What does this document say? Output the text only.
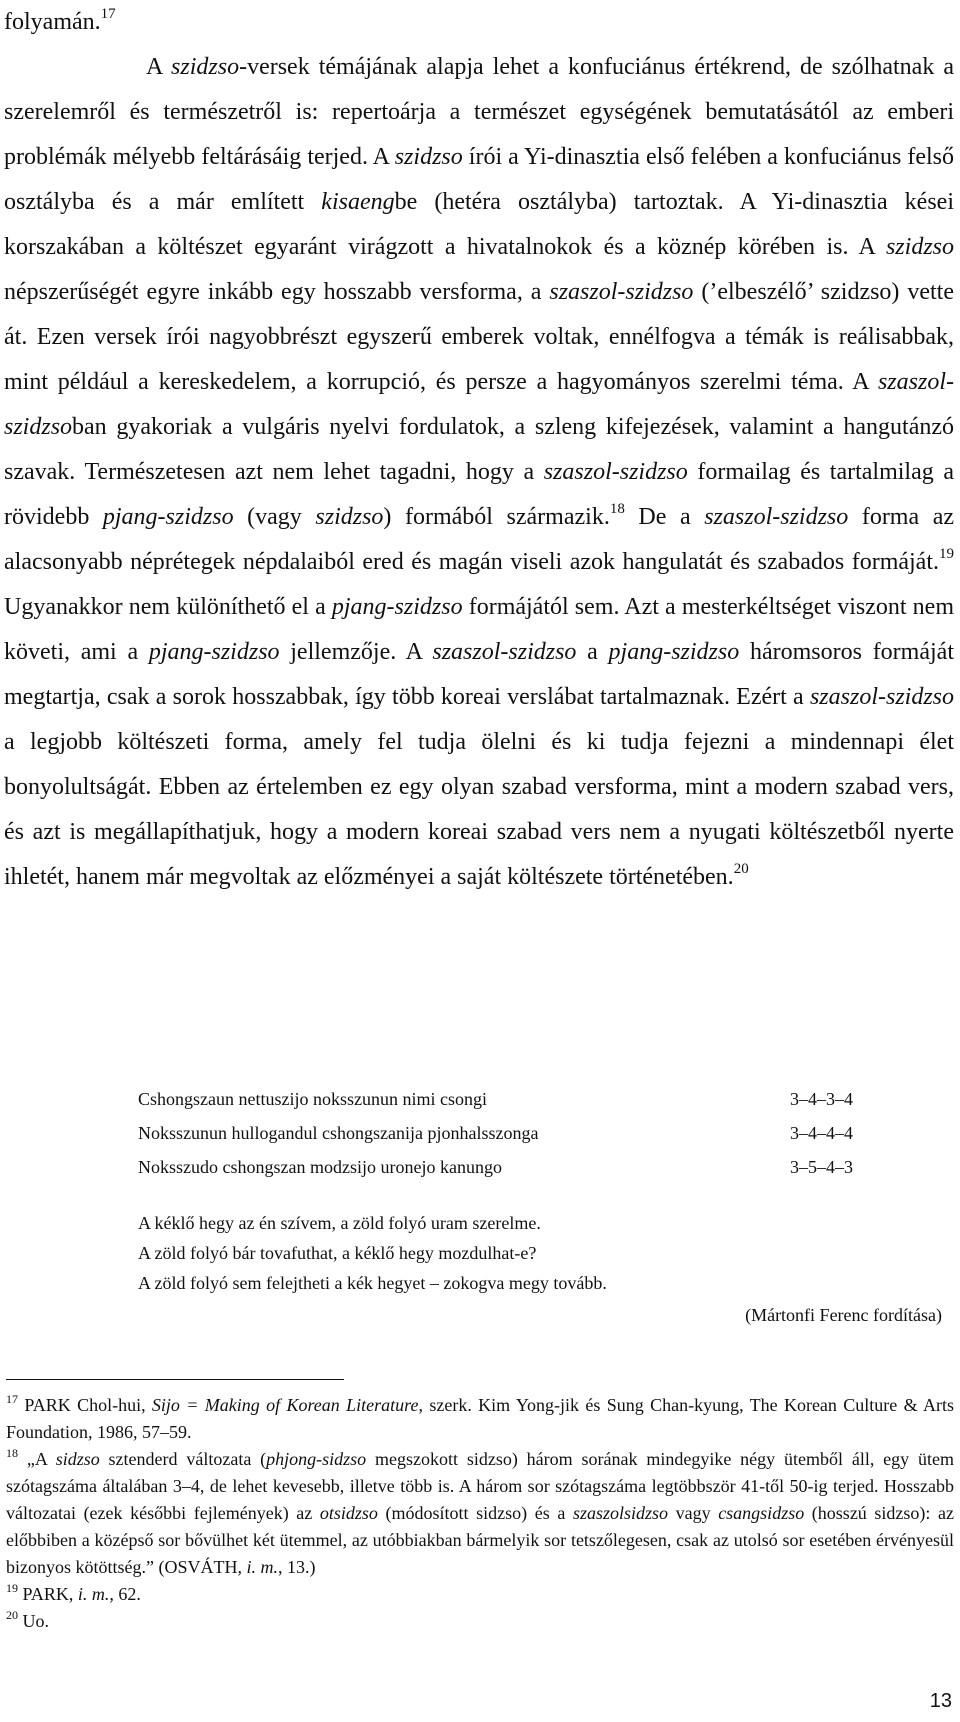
folyamán.$^{17}$

A szidzso-versek témájának alapja lehet a konfuciánus értékrend, de szólhatnak a szerelemről és természetről is: repertoárja a természet egységének bemutatásától az emberi problémák mélyebb feltárásáig terjed. A szidzso írói a Yi-dinasztia első felében a konfuciánus felső osztályba és a már említett kisaengbe (hetéra osztályba) tartoztak. A Yi-dinasztia kései korszakában a költészet egyaránt virágzott a hivatalnokok és a köznép körében is. A szidzso népszerűségét egyre inkább egy hosszabb versforma, a szaszol-szidzso (’elbeszélő’ szidzso) vette át. Ezen versek írói nagyobbrészt egyszerű emberek voltak, ennélfogva a témák is reálisabbak, mint például a kereskedelem, a korrupció, és persze a hagyományos szerelmi téma. A szaszol-szidzsoban gyakoriak a vulgáris nyelvi fordulatok, a szleng kifejezések, valamint a hangutánzó szavak. Természetesen azt nem lehet tagadni, hogy a szaszol-szidzso formailag és tartalmilag a rövidebb pjang-szidzso (vagy szidzso) formából származik.$^{18}$ De a szaszol-szidzso forma az alacsonyabb néprétegek népdalaiból ered és magán viseli azok hangulatát és szabados formáját.$^{19}$ Ugyanakkor nem különíthető el a pjang-szidzso formájától sem. Azt a mesterkéltséget viszont nem követi, ami a pjang-szidzso jellemzője. A szaszol-szidzso a pjang-szidzso háromsoros formáját megtartja, csak a sorok hosszabbak, így több koreai verslábat tartalmaznak. Ezért a szaszol-szidzso a legjobb költészeti forma, amely fel tudja ölelni és ki tudja fejezni a mindennapi élet bonyolultságát. Ebben az értelemben ez egy olyan szabad versforma, mint a modern szabad vers, és azt is megállapíthatjuk, hogy a modern koreai szabad vers nem a nyugati költészetből nyerte ihletét, hanem már megvoltak az előzményei a saját költészete történetében.$^{20}$

Cshongszaun nettuszijo noksszunun nimi csongi	3–4–3–4
Noksszunun hullogandul cshongszanija pjonhalsszonga	3–4–4–4
Noksszudo cshongszan modzsijo uronejo kanungo	3–5–4–3
A kéklő hegy az én szívem, a zöld folyó uram szerelme.
A zöld folyó bár tovafuthat, a kéklő hegy mozdulhat-e?
A zöld folyó sem felejtheti a kék hegyet – zokogva megy tovább.
(Mártonfi Ferenc fordítása)

$^{17}$ PARK Chol-hui, Sijo = Making of Korean Literature, szerk. Kim Yong-jik és Sung Chan-kyung, The Korean Culture & Arts Foundation, 1986, 57–59.

$^{18}$ „A sidzso sztenderd változata (phjong-sidzso megszokott sidzso) három sorának mindegyike négy ütemből áll, egy ütem szótagszáma általában 3–4, de lehet kevesebb, illetve több is. A három sor szótagszáma legtöbbször 41-től 50-ig terjed. Hosszabb változatai (ezek későbbi fejlemények) az otsidzso (módosított sidzso) és a szaszolsidzso vagy csangsidzso (hosszú sidzso): az előbbiben a középső sor bővülhet két ütemmel, az utóbbiakban bármelyik sor tetszőlegesen, csak az utolsó sor esetében érvényesül bizonyos kötöttség.” (OSVÁTH, i. m., 13.)

$^{19}$ PARK, i. m., 62.

$^{20}$ Uo.

13
